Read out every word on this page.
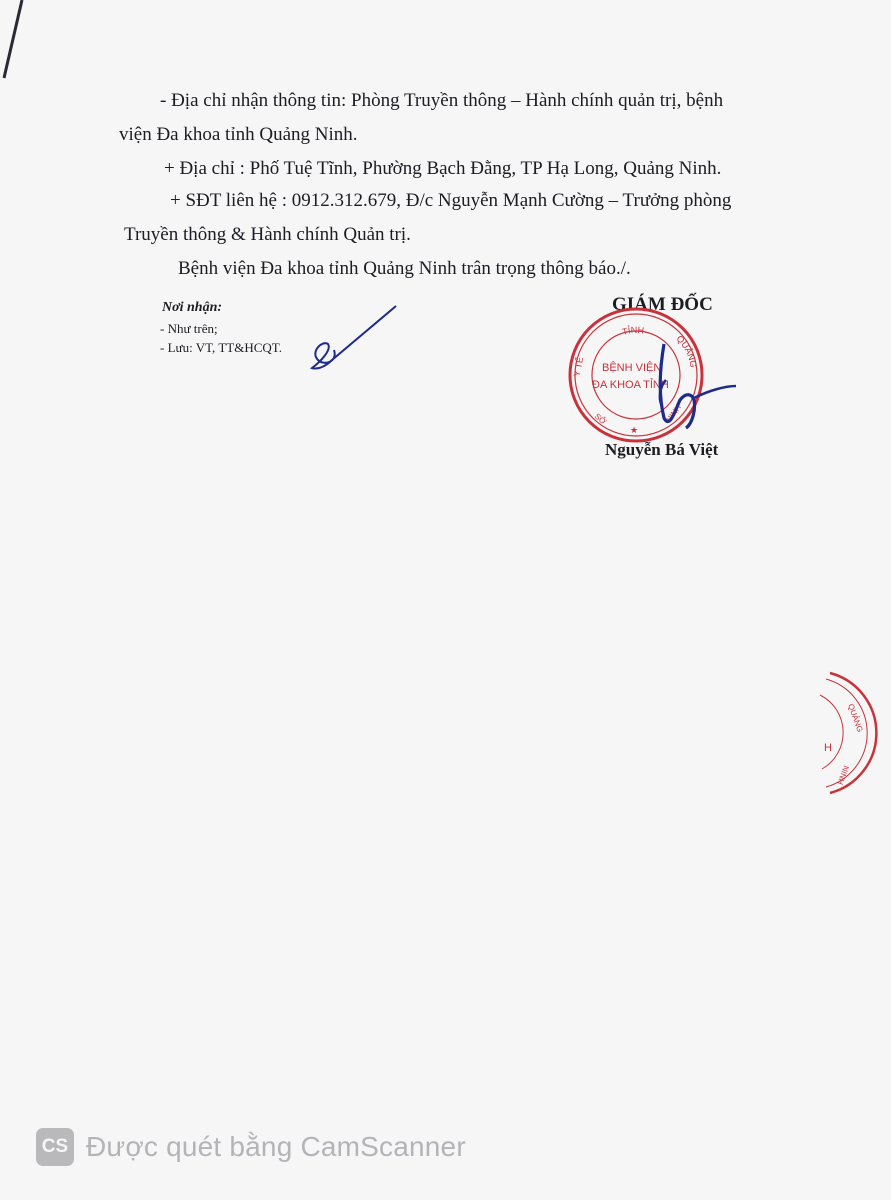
- Địa chỉ nhận thông tin: Phòng Truyền thông – Hành chính quản trị, bệnh
viện Đa khoa tỉnh Quảng Ninh.
+ Địa chỉ : Phố Tuệ Tĩnh, Phường Bạch Đằng, TP Hạ Long, Quảng Ninh.
+ SĐT liên hệ : 0912.312.679, Đ/c Nguyễn Mạnh Cường – Trưởng phòng
Truyền thông & Hành chính Quản trị.
Bệnh viện Đa khoa tỉnh Quảng Ninh trân trọng thông báo./.
Nơi nhận:
- Như trên;
- Lưu: VT, TT&HCQT.
GIÁM ĐỐC
TỈNH
Y TẾ
QUẢNG
NINH
BỆNH VIỆN
ĐA KHOA TỈNH
SỞ
★
Nguyễn Bá Việt
QUẢNG
NINH
H
CS Được quét bằng CamScanner
